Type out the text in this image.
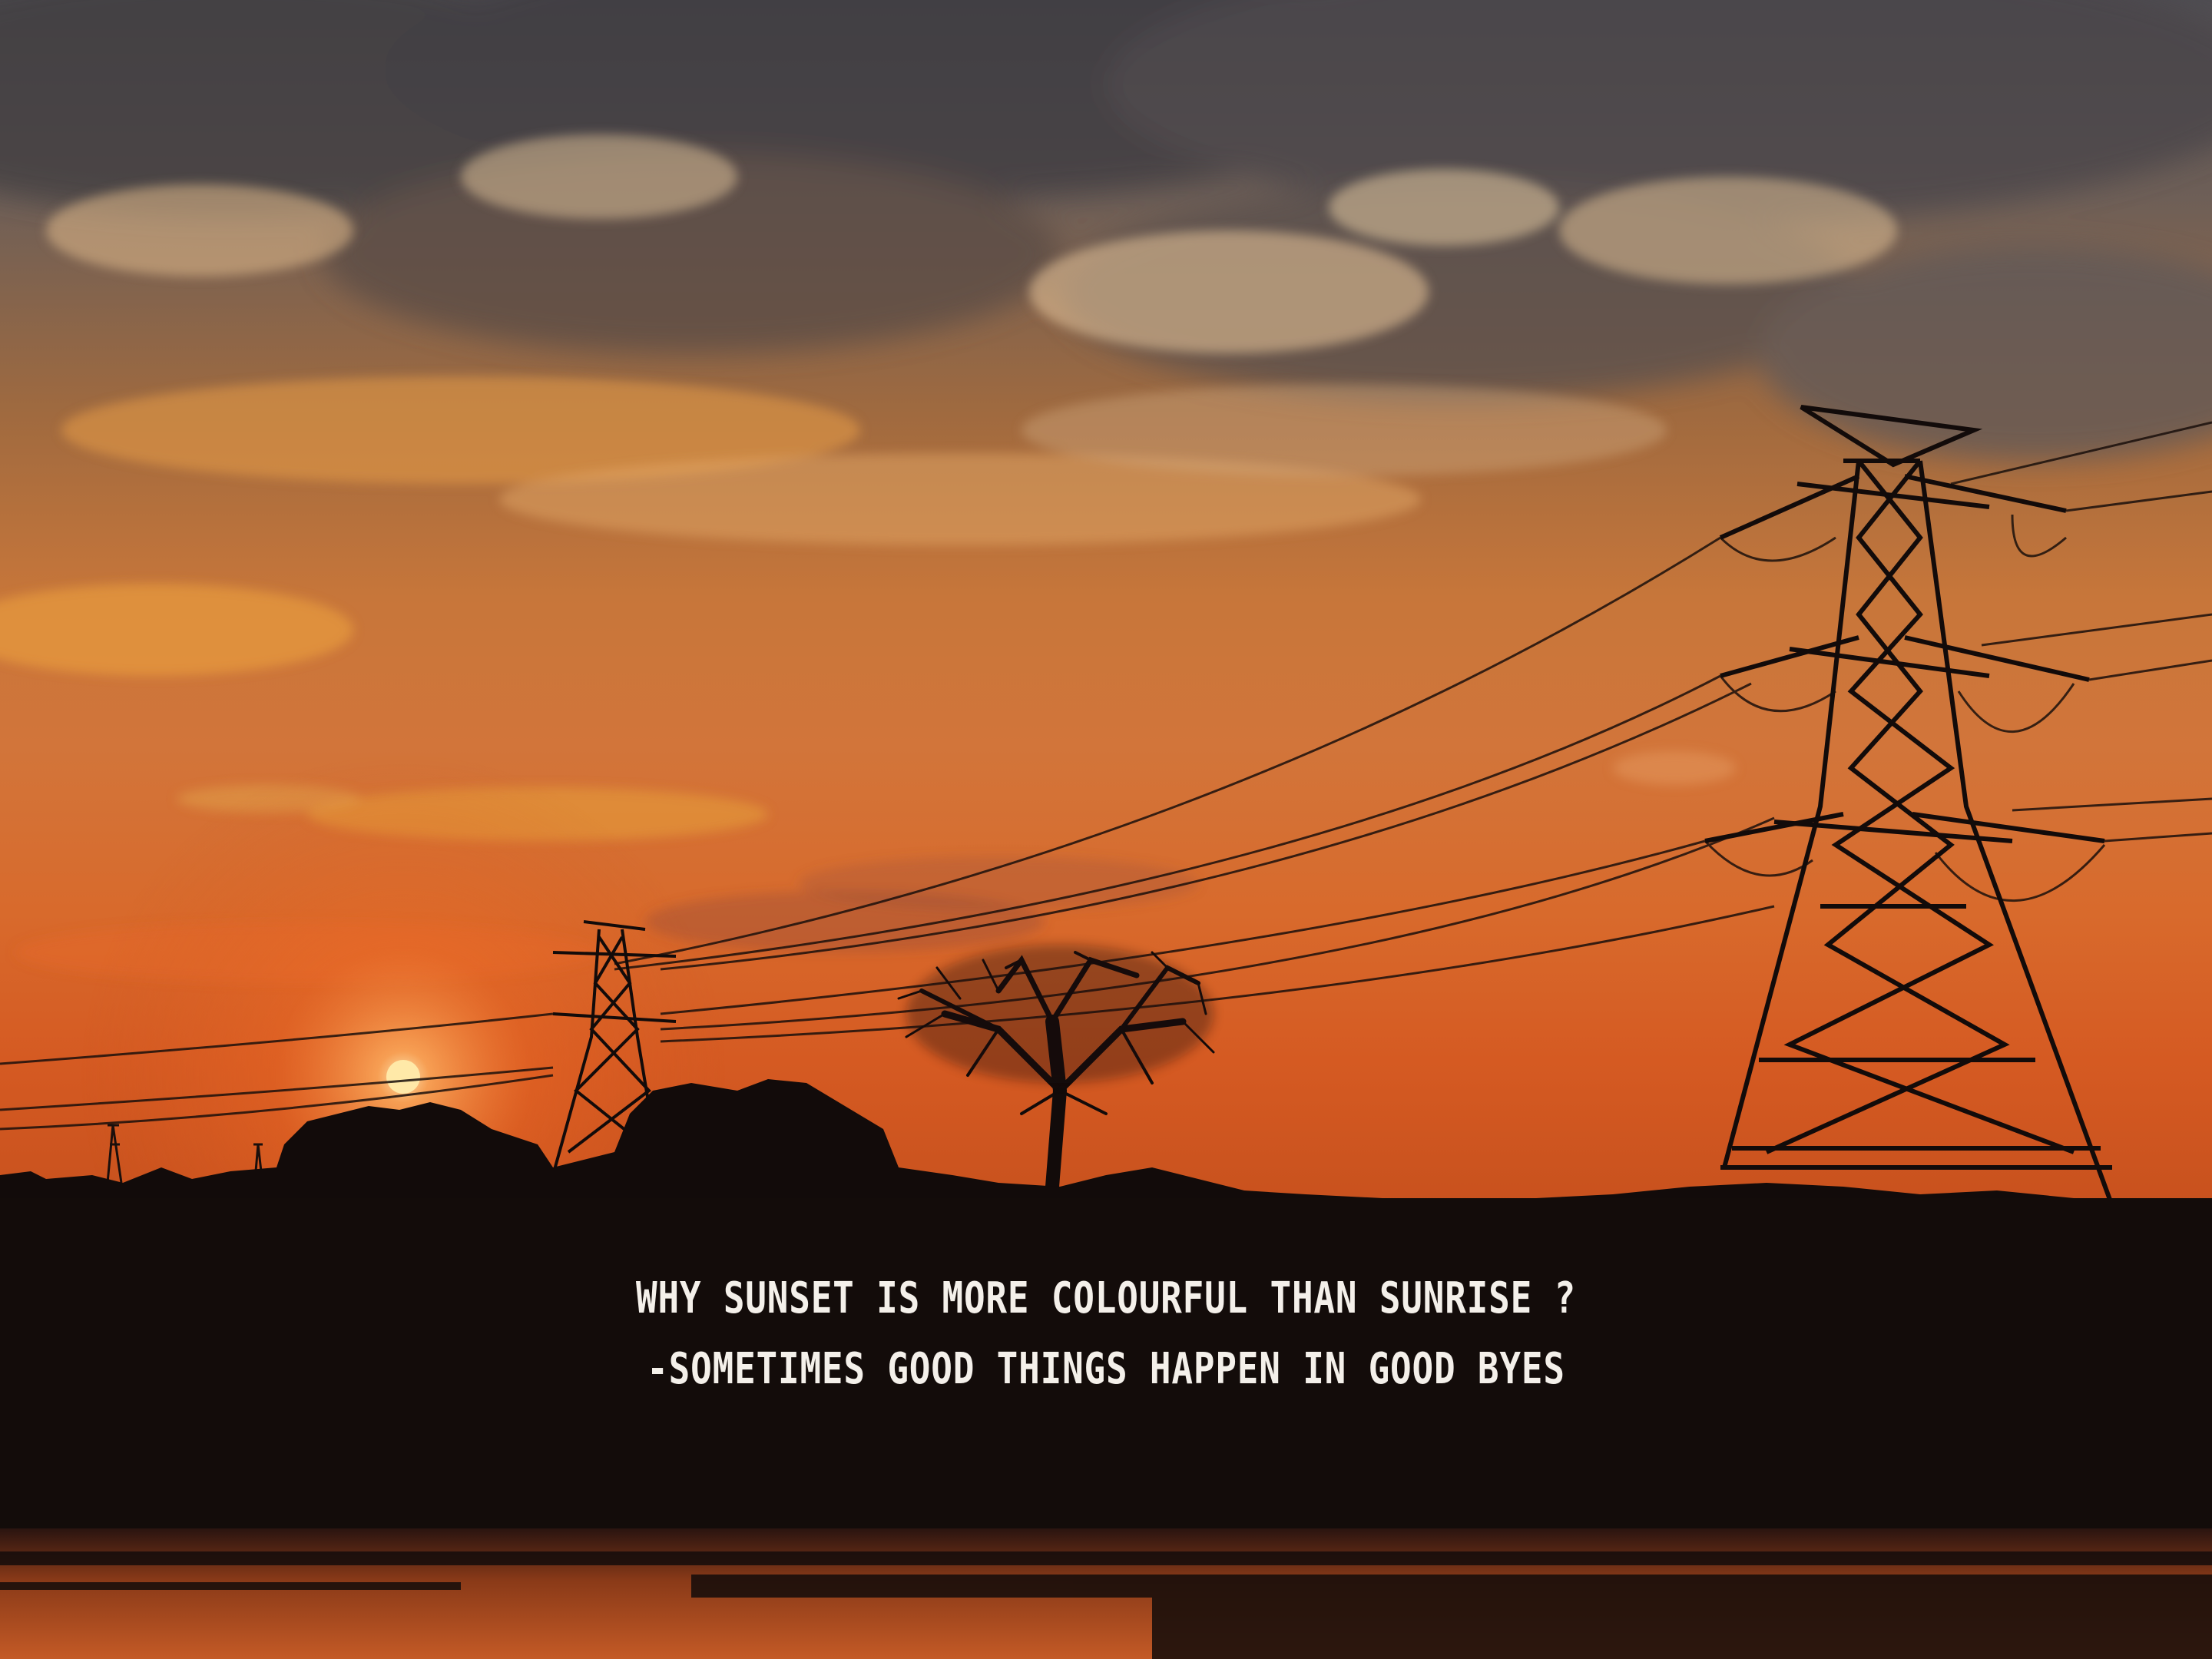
WHY SUNSET IS MORE COLOURFUL THAN SUNRISE ?
-SOMETIMES GOOD THINGS HAPPEN IN GOOD BYES
